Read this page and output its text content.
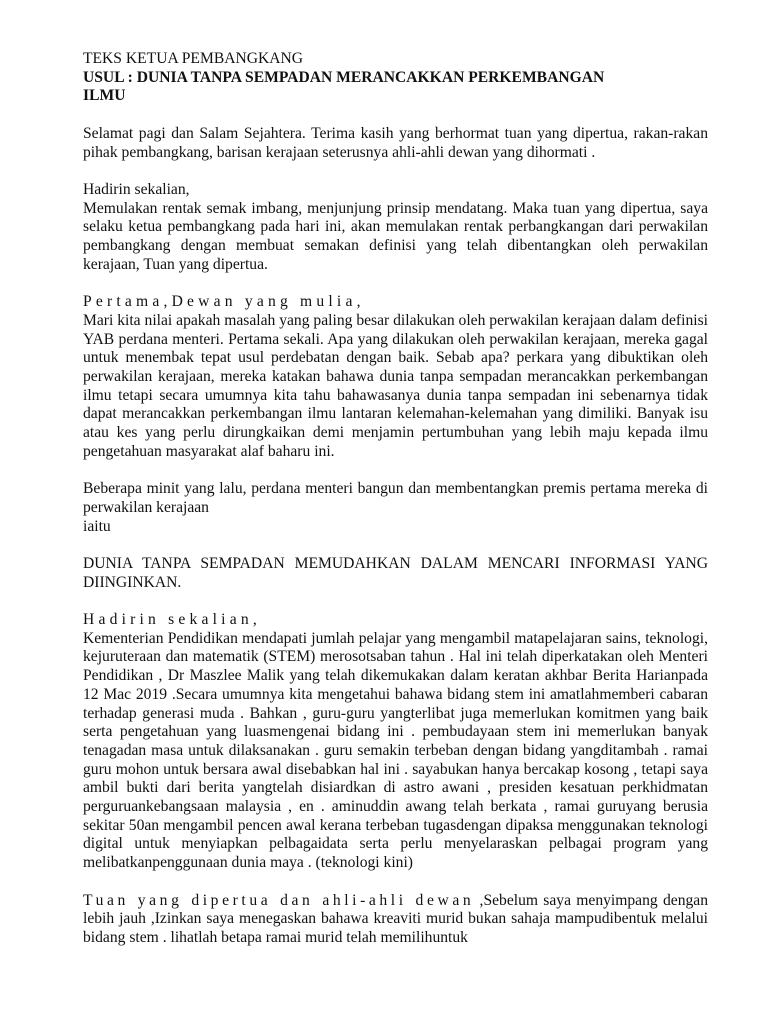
TEKS KETUA PEMBANGKANG

USUL : DUNIA TANPA SEMPADAN MERANCAKKAN PERKEMBANGAN

ILMU

Selamat pagi dan Salam Sejahtera. Terima kasih yang berhormat tuan yang dipertua, rakan-rakan pihak pembangkang, barisan kerajaan seterusnya ahli-ahli dewan yang dihormati .

Hadirin sekalian,

Memulakan rentak semak imbang, menjunjung prinsip mendatang. Maka tuan yang dipertua, saya selaku ketua pembangkang pada hari ini, akan memulakan rentak perbangkangan dari perwakilan pembangkang dengan membuat semakan definisi yang telah dibentangkan oleh perwakilan kerajaan, Tuan yang dipertua.

Pertama,Dewan yang mulia,

Mari kita nilai apakah masalah yang paling besar dilakukan oleh perwakilan kerajaan dalam definisi YAB perdana menteri. Pertama sekali. Apa yang dilakukan oleh perwakilan kerajaan, mereka gagal untuk menembak tepat usul perdebatan dengan baik. Sebab apa? perkara yang dibuktikan oleh perwakilan kerajaan, mereka katakan bahawa dunia tanpa sempadan merancakkan perkembangan ilmu tetapi secara umumnya kita tahu bahawasanya dunia tanpa sempadan ini sebenarnya tidak dapat merancakkan perkembangan ilmu lantaran kelemahan-kelemahan yang dimiliki. Banyak isu atau kes yang perlu dirungkaikan demi menjamin pertumbuhan yang lebih maju kepada ilmu pengetahuan masyarakat alaf baharu ini.

Beberapa minit yang lalu, perdana menteri bangun dan membentangkan premis pertama mereka di perwakilan kerajaan

iaitu

DUNIA TANPA SEMPADAN MEMUDAHKAN DALAM MENCARI INFORMASI YANG DIINGINKAN.

Hadirin sekalian,

Kementerian Pendidikan mendapati jumlah pelajar yang mengambil matapelajaran sains, teknologi, kejuruteraan dan matematik (STEM) merosotsaban tahun . Hal ini telah diperkatakan oleh Menteri Pendidikan , Dr Maszlee Malik yang telah dikemukakan dalam keratan akhbar Berita Harianpada 12 Mac 2019 .Secara umumnya kita mengetahui bahawa bidang stem ini amatlahmemberi cabaran terhadap generasi muda . Bahkan , guru-guru yangterlibat juga memerlukan komitmen yang baik serta pengetahuan yang luasmengenai bidang ini . pembudayaan stem ini memerlukan banyak tenagadan masa untuk dilaksanakan . guru semakin terbeban dengan bidang yangditambah . ramai guru mohon untuk bersara awal disebabkan hal ini . sayabukan hanya bercakap kosong , tetapi saya ambil bukti dari berita yangtelah disiardkan di astro awani , presiden kesatuan perkhidmatan perguruankebangsaan malaysia , en . aminuddin awang telah berkata , ramai guruyang berusia sekitar 50an mengambil pencen awal kerana terbeban tugasdengan dipaksa menggunakan teknologi digital untuk menyiapkan pelbagaidata serta perlu menyelaraskan pelbagai program yang melibatkanpenggunaan dunia maya . (teknologi kini)

Tuan yang dipertua dan ahli-ahli dewan ,Sebelum saya menyimpang dengan lebih jauh ,Izinkan saya menegaskan bahawa kreaviti murid bukan sahaja mampudibentuk melalui bidang stem . lihatlah betapa ramai murid telah memilihuntuk
